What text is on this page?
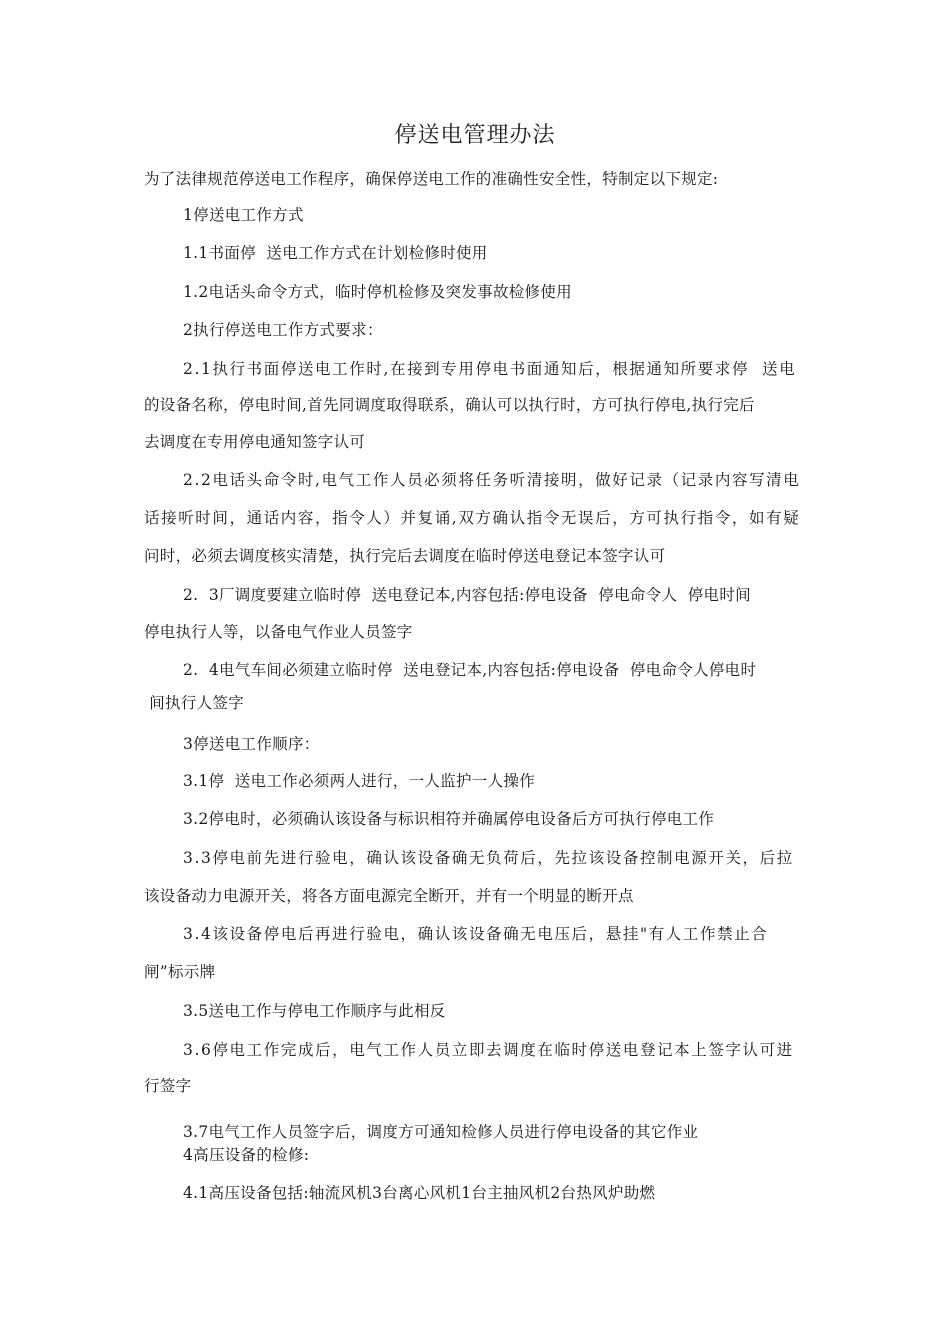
停送电管理办法
为了法律规范停送电工作程序，确保停送电工作的准确性安全性，特制定以下规定:
1停送电工作方式
1.1书面停  送电工作方式在计划检修时使用
1.2电话头命令方式，临时停机检修及突发事故检修使用
2执行停送电工作方式要求：
2.1执行书面停送电工作时,在接到专用停电书面通知后，根据通知所要求停  送电
的设备名称，停电时间,首先同调度取得联系，确认可以执行时，方可执行停电,执行完后
去调度在专用停电通知签字认可
2.2电话头命令时,电气工作人员必须将任务听清接明，做好记录（记录内容写清电
话接听时间，通话内容，指令人）并复诵,双方确认指令无误后，方可执行指令，如有疑
问时，必须去调度核实清楚，执行完后去调度在临时停送电登记本签字认可
2.  3厂调度要建立临时停  送电登记本,内容包括:停电设备  停电命令人  停电时间
停电执行人等，以备电气作业人员签字
2.  4电气车间必须建立临时停  送电登记本,内容包括:停电设备  停电命令人停电时
间执行人签字
3停送电工作顺序：
3.1停  送电工作必须两人进行，一人监护一人操作
3.2停电时，必须确认该设备与标识相符并确属停电设备后方可执行停电工作
3.3停电前先进行验电，确认该设备确无负荷后，先拉该设备控制电源开关，后拉
该设备动力电源开关，将各方面电源完全断开，并有一个明显的断开点
3.4该设备停电后再进行验电，确认该设备确无电压后，悬挂"有人工作禁止合
闸”标示牌
3.5送电工作与停电工作顺序与此相反
3.6停电工作完成后，电气工作人员立即去调度在临时停送电登记本上签字认可进
行签字
3.7电气工作人员签字后，调度方可通知检修人员进行停电设备的其它作业
4高压设备的检修:
4.1高压设备包括:轴流风机3台离心风机1台主抽风机2台热风炉助燃
